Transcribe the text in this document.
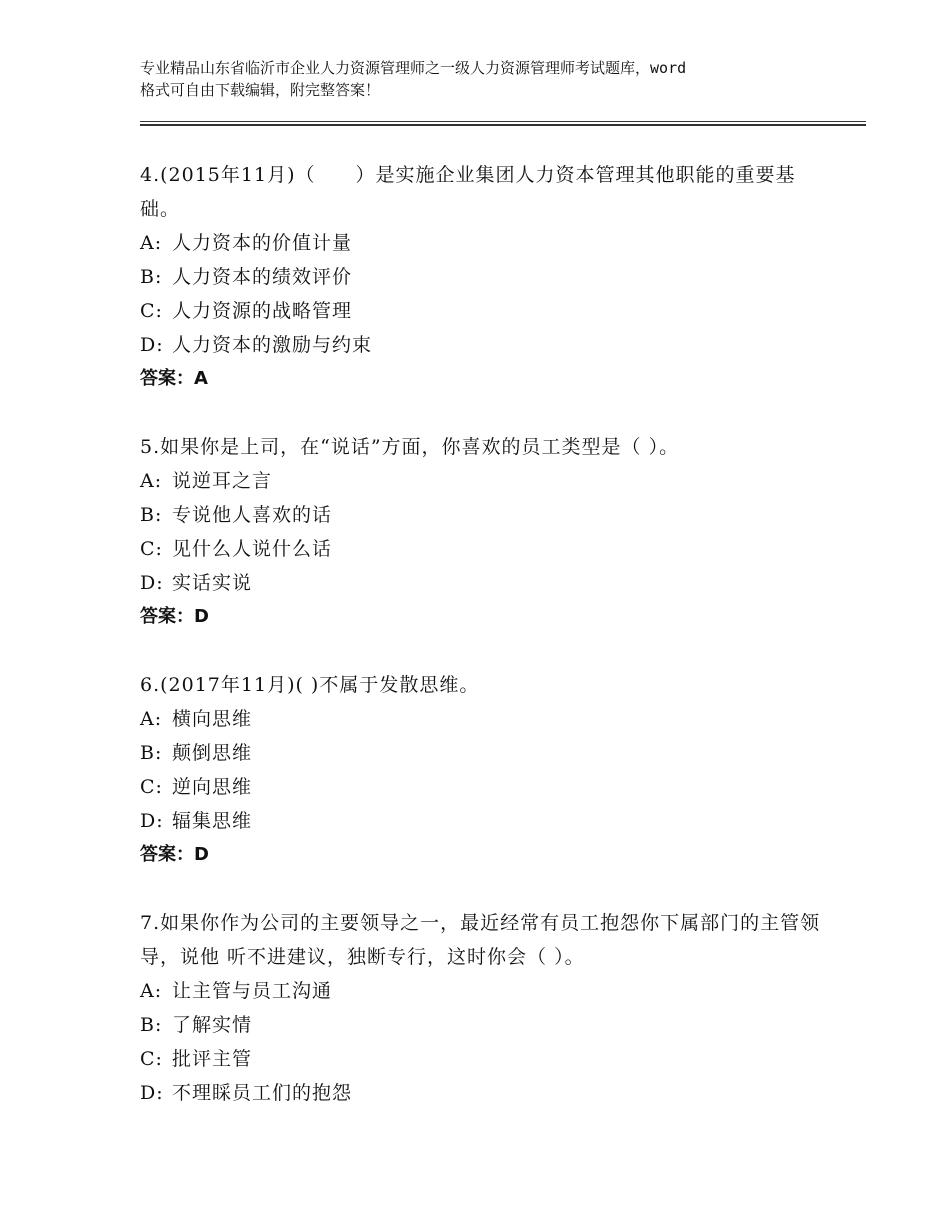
专业精品山东省临沂市企业人力资源管理师之一级人力资源管理师考试题库，word
格式可自由下载编辑，附完整答案！
4.(2015年11月)（　　）是实施企业集团人力资本管理其他职能的重要基础。
A: 人力资本的价值计量
B: 人力资本的绩效评价
C: 人力资源的战略管理
D: 人力资本的激励与约束
答案：A
5.如果你是上司，在“说话”方面，你喜欢的员工类型是（ ）。
A: 说逆耳之言
B: 专说他人喜欢的话
C: 见什么人说什么话
D: 实话实说
答案：D
6.(2017年11月)( )不属于发散思维。
A: 横向思维
B: 颠倒思维
C: 逆向思维
D: 辐集思维
答案：D
7.如果你作为公司的主要领导之一，最近经常有员工抱怨你下属部门的主管领导，说他 听不进建议，独断专行，这时你会（ ）。
A: 让主管与员工沟通
B: 了解实情
C: 批评主管
D: 不理睬员工们的抱怨
